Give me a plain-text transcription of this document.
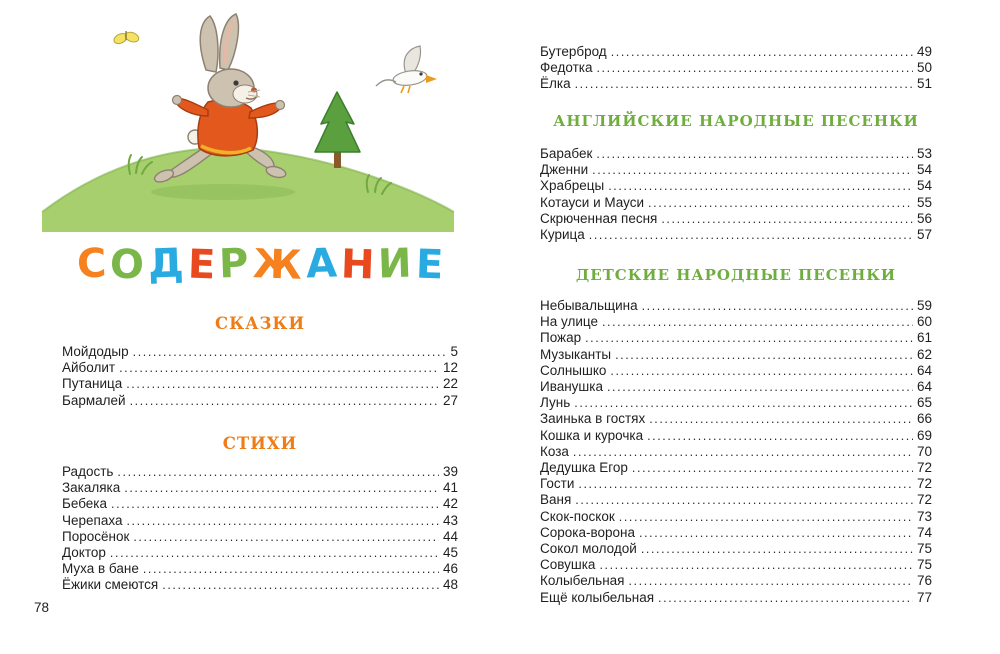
СОДЕРЖАНИЕ
СКАЗКИ
Мойдодыр .....	5
Айболит .....	12
Путаница .....	22
Бармалей .....	27
СТИХИ
Радость .....	39
Закаляка .....	41
Бебека .....	42
Черепаха .....	43
Поросёнок .....	44
Доктор .....	45
Муха в бане .....	46
Ёжики смеются .....	48
Бутерброд .....	49
Федотка .....	50
Ёлка .....	51
АНГЛИЙСКИЕ НАРОДНЫЕ ПЕСЕНКИ
Барабек .....	53
Дженни .....	54
Храбрецы .....	54
Котауси и Мауси .....	55
Скрюченная песня .....	56
Курица .....	57
ДЕТСКИЕ НАРОДНЫЕ ПЕСЕНКИ
Небывальщина .....	59
На улице .....	60
Пожар .....	61
Музыканты .....	62
Солнышко .....	64
Иванушка .....	64
Лунь .....	65
Заинька в гостях .....	66
Кошка и курочка .....	69
Коза .....	70
Дедушка Егор .....	72
Гости .....	72
Ваня .....	72
Скок-поскок .....	73
Сорока-ворона .....	74
Сокол молодой .....	75
Совушка .....	75
Колыбельная .....	76
Ещё колыбельная .....	77
78
